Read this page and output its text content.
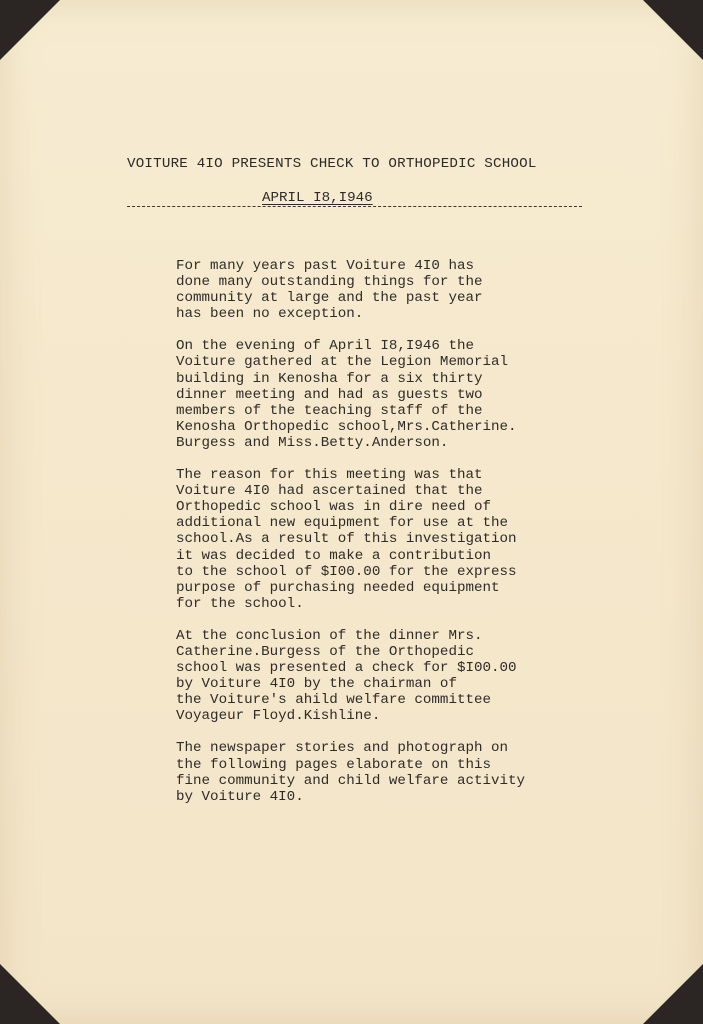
VOITURE 4IO PRESENTS CHECK TO ORTHOPEDIC SCHOOL
APRIL I8,I946

For many years past Voiture 4I0 has
done many outstanding things for the
community at large and the past year
has been no exception.

On the evening of April I8,I946 the
Voiture gathered at the Legion Memorial
building in Kenosha for a six thirty
dinner meeting and had as guests two
members of the teaching staff of the
Kenosha Orthopedic school,Mrs.Catherine.
Burgess and Miss.Betty.Anderson.

The reason for this meeting was that
Voiture 4I0 had ascertained that the
Orthopedic school was in dire need of
additional new equipment for use at the
school.As a result of this investigation
it was decided to make a contribution
to the school of $I00.00 for the express
purpose of purchasing needed equipment
for the school.

At the conclusion of the dinner Mrs.
Catherine.Burgess of the Orthopedic
school was presented a check for $I00.00
by Voiture 4I0 by the chairman of
the Voiture's ahild welfare committee
Voyageur Floyd.Kishline.

The newspaper stories and photograph on
the following pages elaborate on this
fine community and child welfare activity
by Voiture 4I0.
